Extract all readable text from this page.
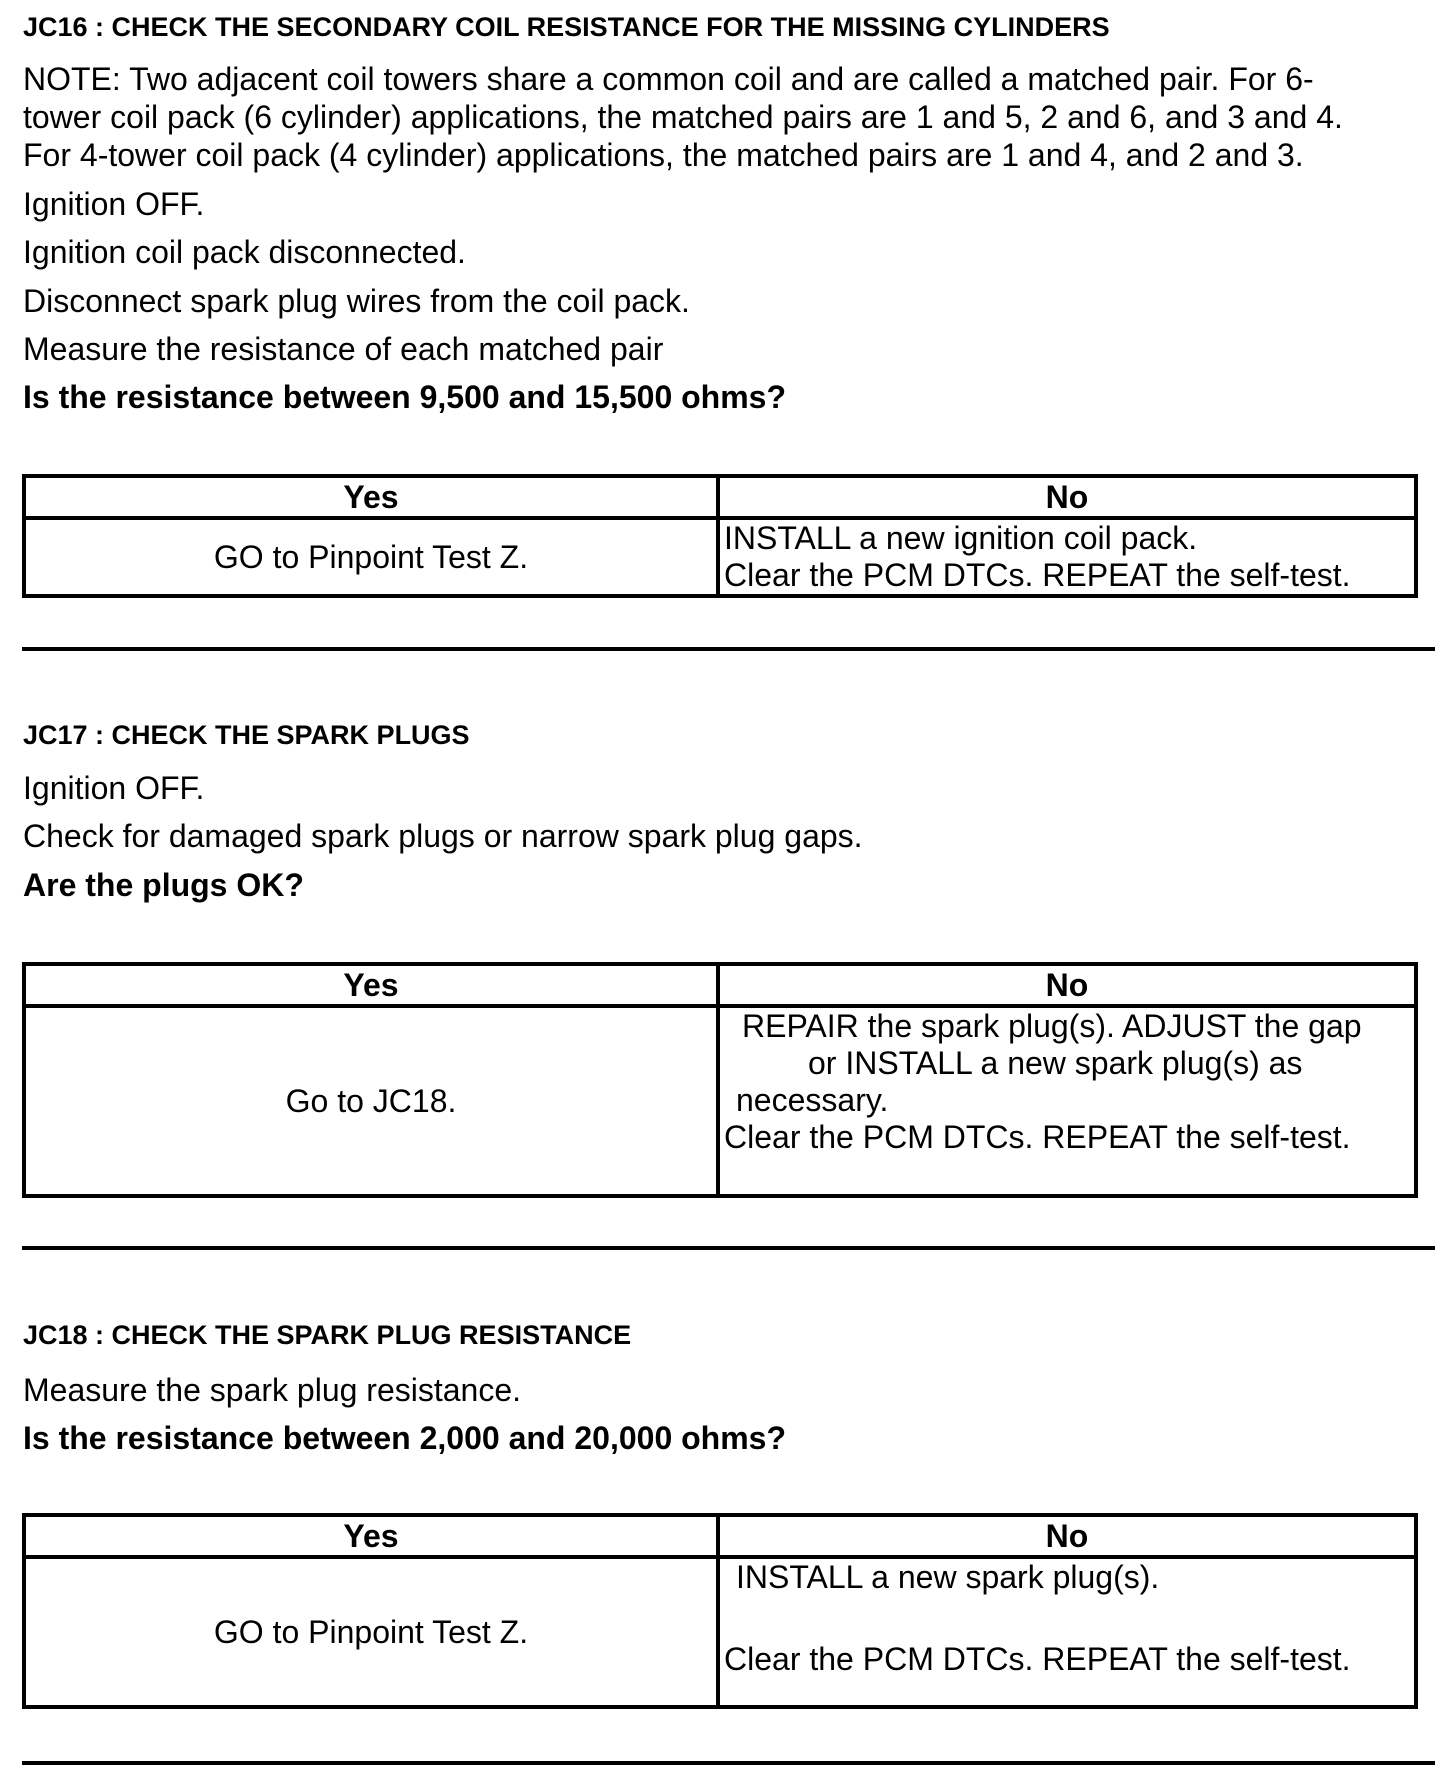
JC16 : CHECK THE SECONDARY COIL RESISTANCE FOR THE MISSING CYLINDERS
NOTE: Two adjacent coil towers share a common coil and are called a matched pair. For 6-
tower coil pack (6 cylinder) applications, the matched pairs are 1 and 5, 2 and 6, and 3 and 4.
For 4-tower coil pack (4 cylinder) applications, the matched pairs are 1 and 4, and 2 and 3.
Ignition OFF.
Ignition coil pack disconnected.
Disconnect spark plug wires from the coil pack.
Measure the resistance of each matched pair
Is the resistance between 9,500 and 15,500 ohms?
Yes	No
GO to Pinpoint Test Z.	INSTALL a new ignition coil pack.
Clear the PCM DTCs. REPEAT the self-test.
JC17 : CHECK THE SPARK PLUGS
Ignition OFF.
Check for damaged spark plugs or narrow spark plug gaps.
Are the plugs OK?
Yes	No
Go to JC18.	REPAIR the spark plug(s). ADJUST the gap
or INSTALL a new spark plug(s) as
necessary.
Clear the PCM DTCs. REPEAT the self-test.
JC18 : CHECK THE SPARK PLUG RESISTANCE
Measure the spark plug resistance.
Is the resistance between 2,000 and 20,000 ohms?
Yes	No
GO to Pinpoint Test Z.	INSTALL a new spark plug(s).
Clear the PCM DTCs. REPEAT the self-test.
